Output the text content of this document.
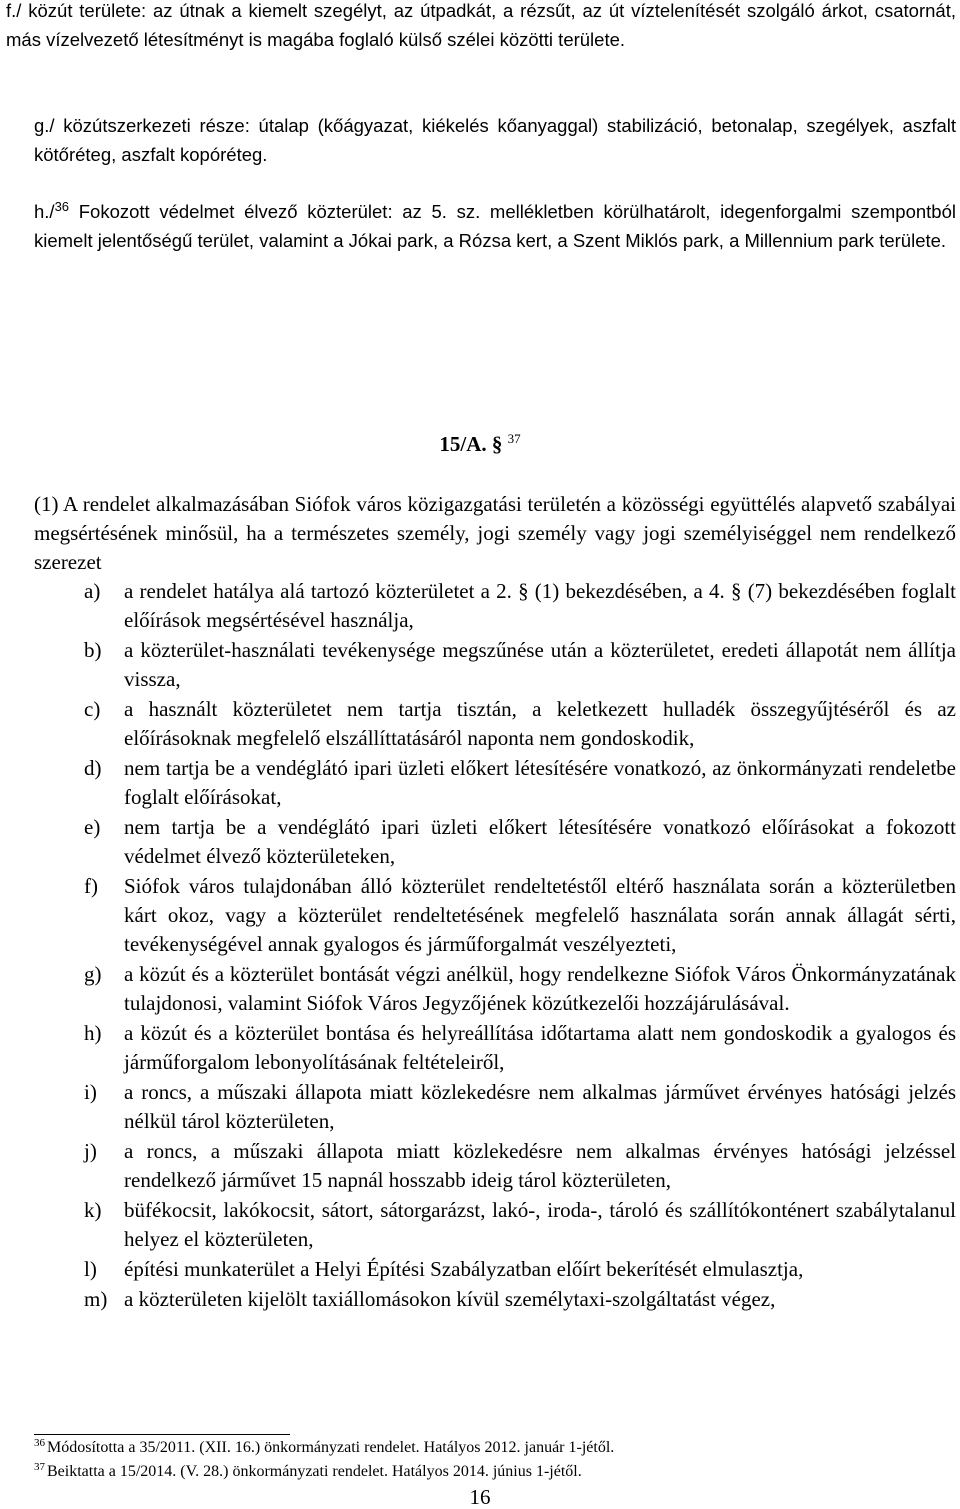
f./ közút területe: az útnak a kiemelt szegélyt, az útpadkát, a rézsűt, az út víztelenítését szolgáló árkot, csatornát, más vízelvezető létesítményt is magába foglaló külső szélei közötti területe.

g./ közútszerkezeti része: útalap (kőágyazat, kiékelés kőanyaggal) stabilizáció, betonalap, szegélyek, aszfalt kötőréteg, aszfalt kopóréteg.

h./$^{36}$ Fokozott védelmet élvező közterület: az 5. sz. mellékletben körülhatárolt, idegenforgalmi szempontból kiemelt jelentőségű terület, valamint a Jókai park, a Rózsa kert, a Szent Miklós park, a Millennium park területe.

15/A. § $^{37}$

(1) A rendelet alkalmazásában Siófok város közigazgatási területén a közösségi együttélés alapvető szabályai megsértésének minősül, ha a természetes személy, jogi személy vagy jogi személyiséggel nem rendelkező szerezet

a)	a rendelet hatálya alá tartozó közterületet a 2. § (1) bekezdésében, a 4. § (7) bekezdésében foglalt előírások megsértésével használja,
b)	a közterület-használati tevékenysége megszűnése után a közterületet, eredeti állapotát nem állítja vissza,
c)	a használt közterületet nem tartja tisztán, a keletkezett hulladék összegyűjtéséről és az előírásoknak megfelelő elszállíttatásáról naponta nem gondoskodik,
d)	nem tartja be a vendéglátó ipari üzleti előkert létesítésére vonatkozó, az önkormányzati rendeletbe foglalt előírásokat,
e)	nem tartja be a vendéglátó ipari üzleti előkert létesítésére vonatkozó előírásokat a fokozott védelmet élvező közterületeken,
f)	Siófok város tulajdonában álló közterület rendeltetéstől eltérő használata során a közterületben kárt okoz, vagy a közterület rendeltetésének megfelelő használata során annak állagát sérti, tevékenységével annak gyalogos és járműforgalmát veszélyezteti,
g)	a közút és a közterület bontását végzi anélkül, hogy rendelkezne Siófok Város Önkormányzatának tulajdonosi, valamint Siófok Város Jegyzőjének közútkezelői hozzájárulásával.
h)	a közút és a közterület bontása és helyreállítása időtartama alatt nem gondoskodik a gyalogos és járműforgalom lebonyolításának feltételeiről,
i)	a roncs, a műszaki állapota miatt közlekedésre nem alkalmas járművet érvényes hatósági jelzés nélkül tárol közterületen,
j)	a roncs, a műszaki állapota miatt közlekedésre nem alkalmas érvényes hatósági jelzéssel rendelkező járművet 15 napnál hosszabb ideig tárol közterületen,
k)	büfékocsit, lakókocsit, sátort, sátorgarázst, lakó-, iroda-, tároló és szállítókonténert szabálytalanul helyez el közterületen,
l)	építési munkaterület a Helyi Építési Szabályzatban előírt bekerítését elmulasztja,
m) a közterületen kijelölt taxiállomásokon kívül személytaxi-szolgáltatást végez,
$^{36}$ Módosította a 35/2011. (XII. 16.) önkormányzati rendelet. Hatályos 2012. január 1-jétől.
$^{37}$ Beiktatta a 15/2014. (V. 28.) önkormányzati rendelet. Hatályos 2014. június 1-jétől.
16
